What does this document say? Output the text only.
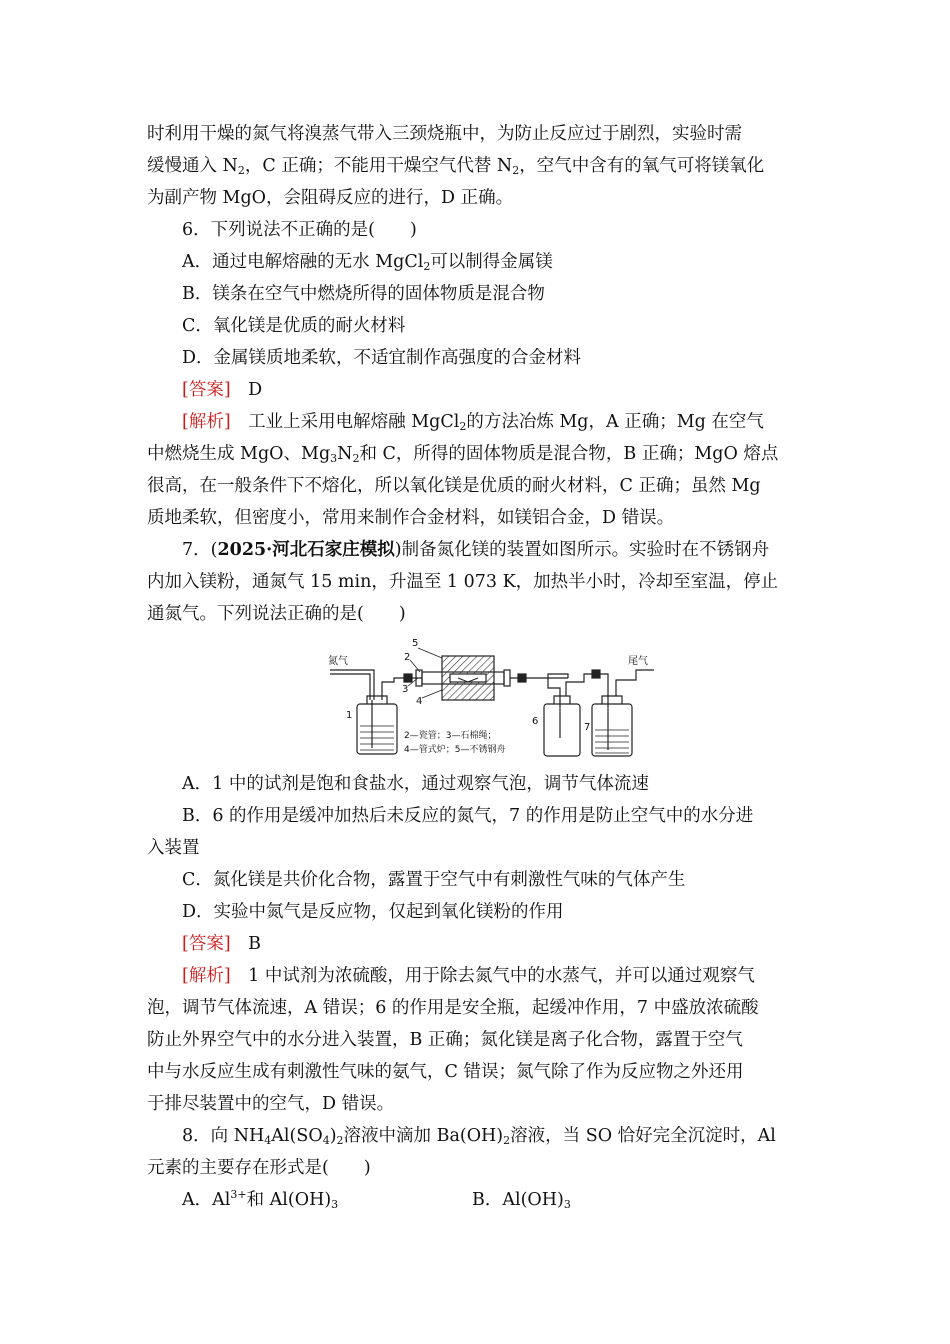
时利用干燥的氮气将溴蒸气带入三颈烧瓶中，为防止反应过于剧烈，实验时需

缓慢通入 $N_2$，C 正确；不能用干燥空气代替 $N_2$，空气中含有的氧气可将镁氧化

为副产物 MgO，会阻碍反应的进行，D 正确。

6．下列说法不正确的是(　　)

A．通过电解熔融的无水 MgCl$_2$可以制得金属镁

B．镁条在空气中燃烧所得的固体物质是混合物

C．氧化镁是优质的耐火材料

D．金属镁质地柔软，不适宜制作高强度的合金材料

[答案]　D

[解析]　工业上采用电解熔融 MgCl$_2$的方法冶炼 Mg，A 正确；Mg 在空气

中燃烧生成 MgO、$Mg_3N_2$和 C，所得的固体物质是混合物，B 正确；MgO 熔点

很高，在一般条件下不熔化，所以氧化镁是优质的耐火材料，C 正确；虽然 Mg

质地柔软，但密度小，常用来制作合金材料，如镁铝合金，D 错误。

7．(2025·河北石家庄模拟)制备氮化镁的装置如图所示。实验时在不锈钢舟

内加入镁粉，通氮气 15 min，升温至 1 073 K，加热半小时，冷却至室温，停止

通氮气。下列说法正确的是(　　)

氮气	尾气
1
2
3
4
5
6
7
2—瓷管；3—石棉绳；
4—管式炉；5—不锈钢舟

A．1 中的试剂是饱和食盐水，通过观察气泡，调节气体流速

B．6 的作用是缓冲加热后未反应的氮气，7 的作用是防止空气中的水分进

入装置

C．氮化镁是共价化合物，露置于空气中有刺激性气味的气体产生

D．实验中氮气是反应物，仅起到氧化镁粉的作用

[答案]　B

[解析]　1 中试剂为浓硫酸，用于除去氮气中的水蒸气，并可以通过观察气

泡，调节气体流速，A 错误；6 的作用是安全瓶，起缓冲作用，7 中盛放浓硫酸

防止外界空气中的水分进入装置，B 正确；氮化镁是离子化合物，露置于空气

中与水反应生成有刺激性气味的氨气，C 错误；氮气除了作为反应物之外还用

于排尽装置中的空气，D 错误。

8．向 $NH_4Al(SO_4)_2$溶液中滴加 $Ba(OH)_2$溶液，当 SO 恰好完全沉淀时，Al

元素的主要存在形式是(　　)

A．$Al^{3+}$和 $Al(OH)_3$	B．$Al(OH)_3$
